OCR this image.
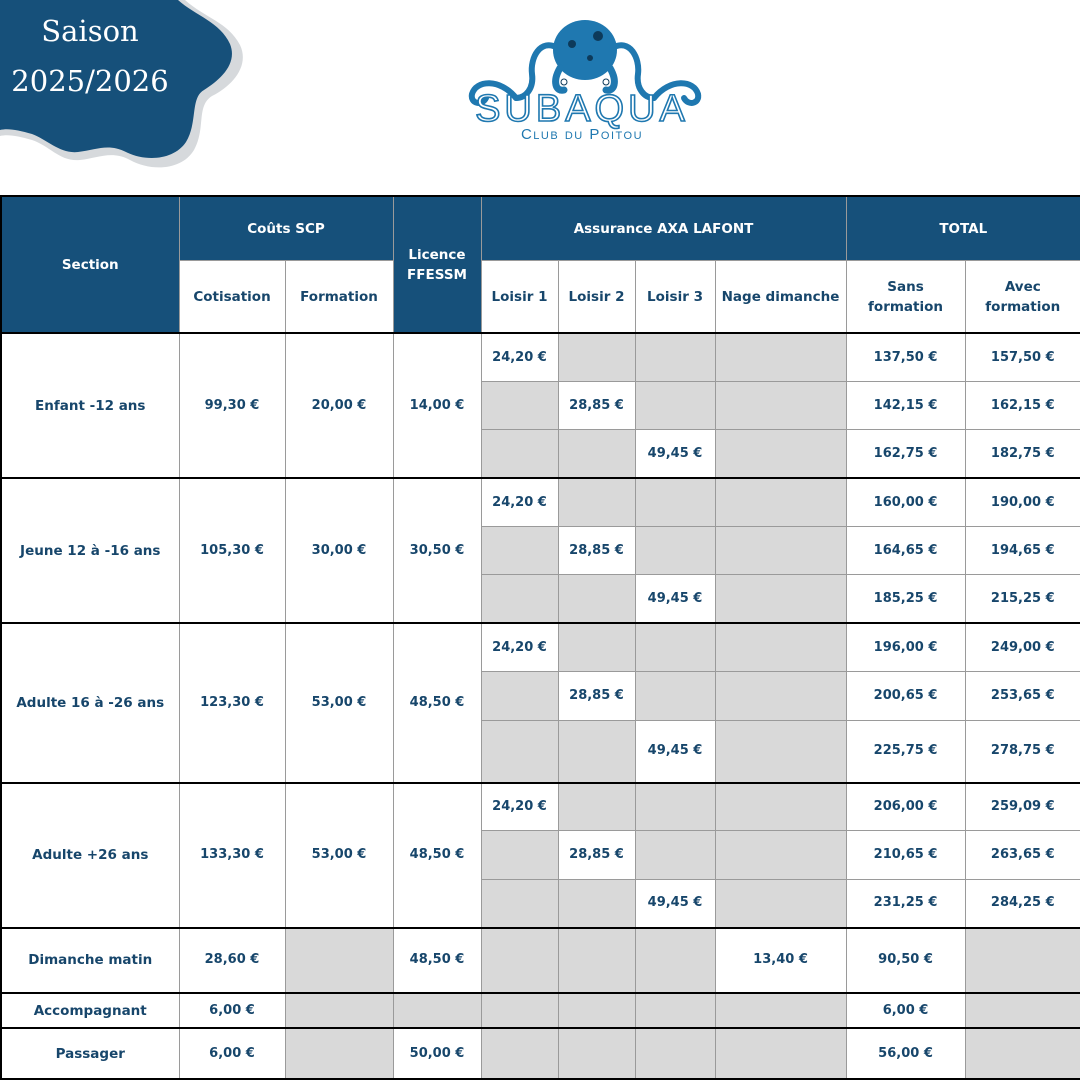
Saison
2025/2026
SUBAQUA
Club du Poitou
Section	Coûts SCP		Licence FFESSM	Assurance AXA LAFONT				TOTAL	
	Cotisation	Formation		Loisir 1	Loisir 2	Loisir 3	Nage dimanche	Sans formation	Avec formation
Enfant -12 ans	99,30 €	20,00 €	14,00 €	24,20 €				137,50 €	157,50 €
					28,85 €			142,15 €	162,15 €
						49,45 €		162,75 €	182,75 €
Jeune 12 à -16 ans	105,30 €	30,00 €	30,50 €	24,20 €				160,00 €	190,00 €
					28,85 €			164,65 €	194,65 €
						49,45 €		185,25 €	215,25 €
Adulte 16 à -26 ans	123,30 €	53,00 €	48,50 €	24,20 €				196,00 €	249,00 €
					28,85 €			200,65 €	253,65 €
						49,45 €		225,75 €	278,75 €
Adulte +26 ans	133,30 €	53,00 €	48,50 €	24,20 €				206,00 €	259,09 €
					28,85 €			210,65 €	263,65 €
						49,45 €		231,25 €	284,25 €
Dimanche matin	28,60 €		48,50 €				13,40 €	90,50 €	
Accompagnant	6,00 €							6,00 €	
Passager	6,00 €		50,00 €					56,00 €	
